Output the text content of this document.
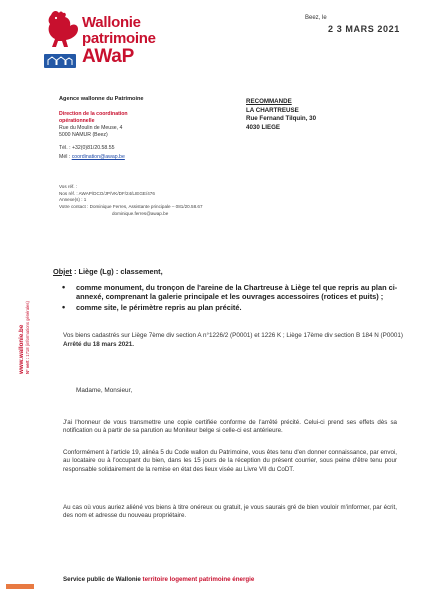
Wallonie
patrimoine
AWaP
Beez, le
2 3 MARS 2021
Agence wallonne du Patrimoine
Direction de la coordination opérationnelle
Rue du Moulin de Meuse, 4
5000 NAMUR (Beez)
Tél. : +32(0)81/20.58.55
Mél : coordination@awap.be
RECOMMANDE
LA CHARTREUSE
Rue Fernand Tilquin, 30
4030 LIEGE
Vos réf. :
Nos réf. : AWAP/DCO/JP/VK/DF/24/LIEGE/476
Annexe(s) : 1
Votre contact : Dominique Ferres, Assistante principale – 081/20.58.67
dominique.ferres@awap.be
www.wallonie.be N° vert : 1718 (informations générales)
Objet : Liège (Lg) : classement,
• comme monument, du tronçon de l'areine de la Chartreuse à Liège tel que repris au plan ci-annexé, comprenant la galerie principale et les ouvrages accessoires (rotices et puits) ;
• comme site, le périmètre repris au plan précité.
Vos biens cadastrés sur Liège 7ème div section A n°1226/2 (P0001) et 1226 K ; Liège 17ème div section B 184 N (P0001)
Arrêté du 18 mars 2021.
Madame, Monsieur,
J'ai l'honneur de vous transmettre une copie certifiée conforme de l'arrêté précité. Celui-ci prend ses effets dès sa notification ou à partir de sa parution au Moniteur belge si celle-ci est antérieure.
Conformément à l'article 19, alinéa 5 du Code wallon du Patrimoine, vous êtes tenu d'en donner connaissance, par envoi, au locataire ou à l'occupant du bien, dans les 15 jours de la réception du présent courrier, sous peine d'être tenu pour responsable solidairement de la remise en état des lieux visée au Livre VII du CoDT.
Au cas où vous auriez aliéné vos biens à titre onéreux ou gratuit, je vous saurais gré de bien vouloir m'informer, par écrit, des nom et adresse du nouveau propriétaire.
Service public de Wallonie territoire logement patrimoine énergie
